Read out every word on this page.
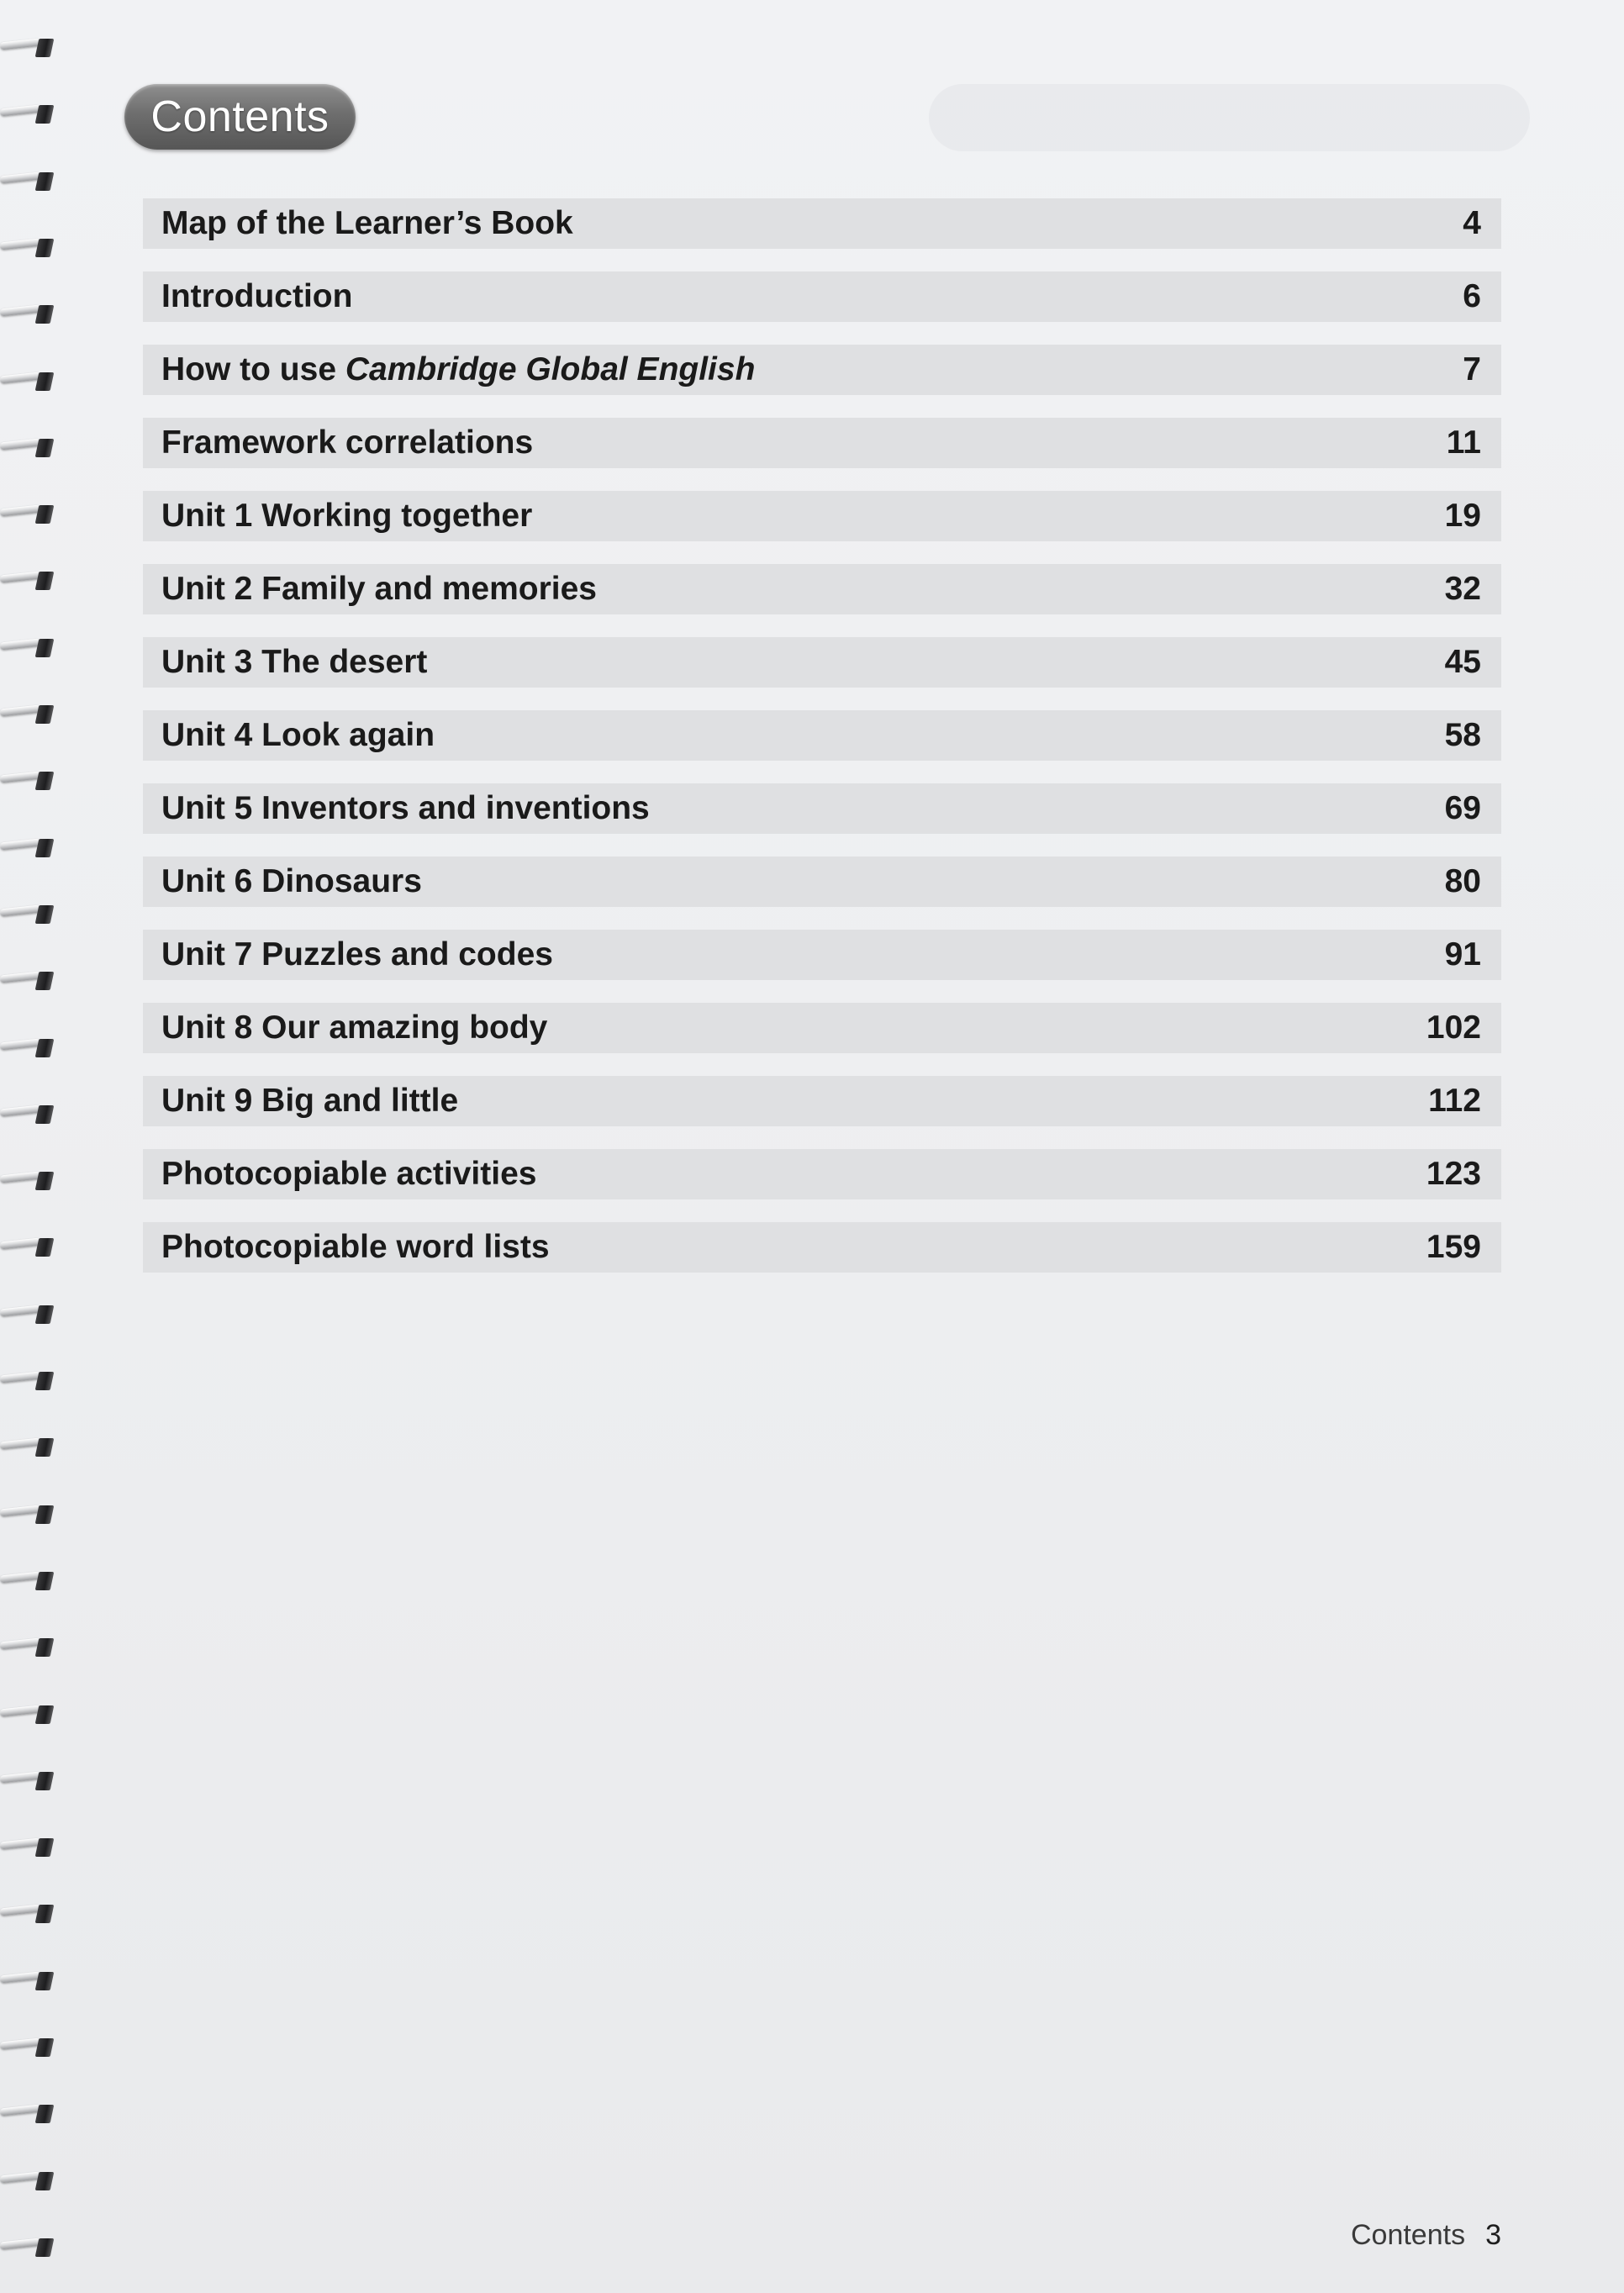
Contents
Map of the Learner’s Book	4
Introduction	6
How to use Cambridge Global English	7
Framework correlations	11
Unit 1 Working together	19
Unit 2 Family and memories	32
Unit 3 The desert	45
Unit 4 Look again	58
Unit 5 Inventors and inventions	69
Unit 6 Dinosaurs	80
Unit 7 Puzzles and codes	91
Unit 8 Our amazing body	102
Unit 9 Big and little	112
Photocopiable activities	123
Photocopiable word lists	159
Contents 3
